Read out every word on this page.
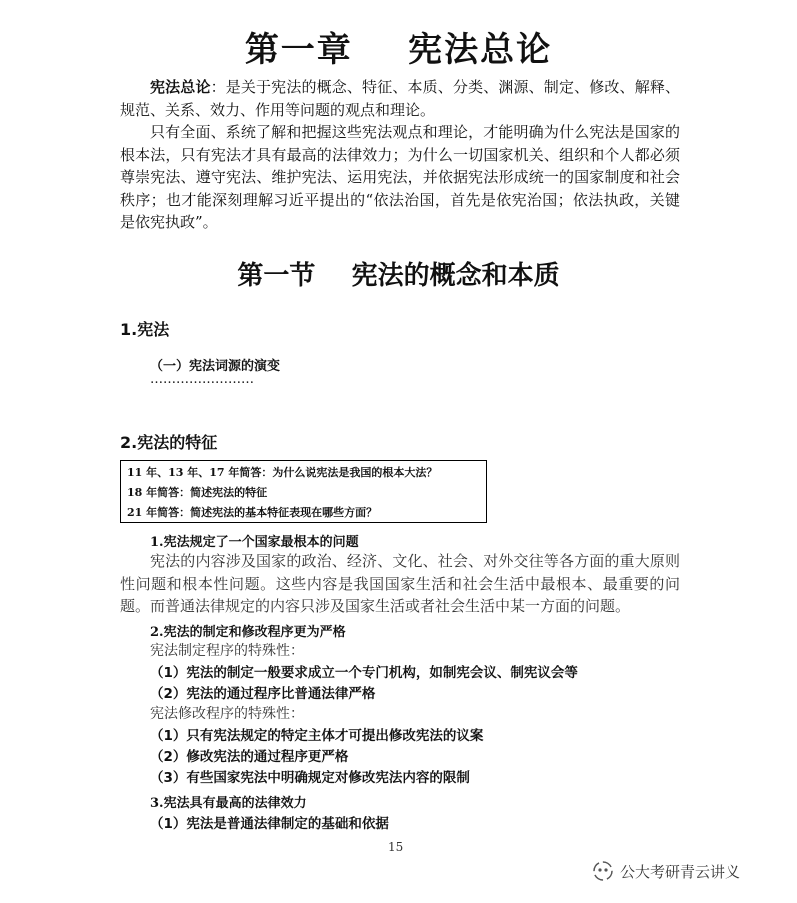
第一章    宪法总论
宪法总论：是关于宪法的概念、特征、本质、分类、渊源、制定、修改、解释、规范、关系、效力、作用等问题的观点和理论。
只有全面、系统了解和把握这些宪法观点和理论，才能明确为什么宪法是国家的根本法，只有宪法才具有最高的法律效力；为什么一切国家机关、组织和个人都必须尊崇宪法、遵守宪法、维护宪法、运用宪法，并依据宪法形成统一的国家制度和社会秩序；也才能深刻理解习近平提出的“依法治国，首先是依宪治国；依法执政，关键是依宪执政”。
第一节    宪法的概念和本质
1.宪法
（一）宪法词源的演变
……………………
2.宪法的特征
11 年、13 年、17 年简答：为什么说宪法是我国的根本大法？
18 年简答：简述宪法的特征
21 年简答：简述宪法的基本特征表现在哪些方面？
1.宪法规定了一个国家最根本的问题
宪法的内容涉及国家的政治、经济、文化、社会、对外交往等各方面的重大原则性问题和根本性问题。这些内容是我国国家生活和社会生活中最根本、最重要的问题。而普通法律规定的内容只涉及国家生活或者社会生活中某一方面的问题。
2.宪法的制定和修改程序更为严格
宪法制定程序的特殊性：
（1）宪法的制定一般要求成立一个专门机构，如制宪会议、制宪议会等
（2）宪法的通过程序比普通法律严格
宪法修改程序的特殊性：
（1）只有宪法规定的特定主体才可提出修改宪法的议案
（2）修改宪法的通过程序更严格
（3）有些国家宪法中明确规定对修改宪法内容的限制
3.宪法具有最高的法律效力
（1）宪法是普通法律制定的基础和依据
15
公大考研青云讲义
